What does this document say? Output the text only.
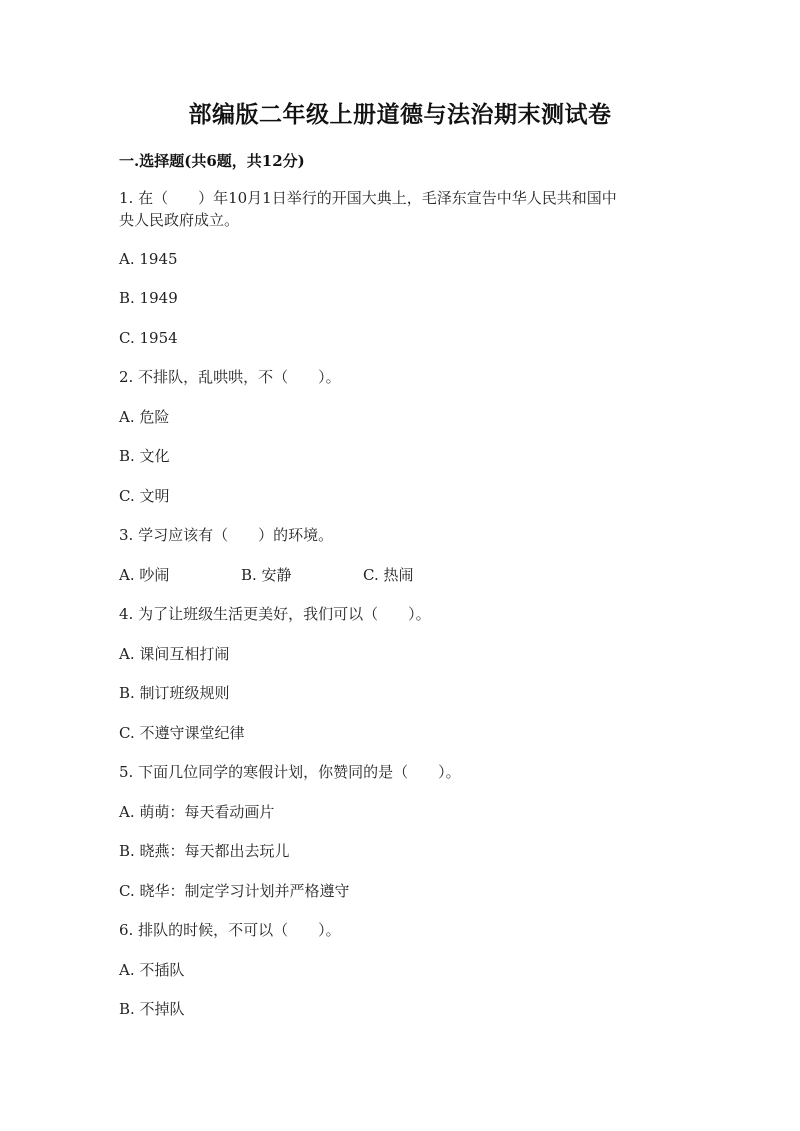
部编版二年级上册道德与法治期末测试卷
一.选择题(共6题，共12分)
1. 在（　　）年10月1日举行的开国大典上，毛泽东宣告中华人民共和国中
央人民政府成立。
A. 1945
B. 1949
C. 1954
2. 不排队，乱哄哄，不（　　）。
A. 危险
B. 文化
C. 文明
3. 学习应该有（　　）的环境。
A. 吵闹	B. 安静	C. 热闹
4. 为了让班级生活更美好，我们可以（　　）。
A. 课间互相打闹
B. 制订班级规则
C. 不遵守课堂纪律
5. 下面几位同学的寒假计划，你赞同的是（　　）。
A. 萌萌：每天看动画片
B. 晓燕：每天都出去玩儿
C. 晓华：制定学习计划并严格遵守
6. 排队的时候，不可以（　　）。
A. 不插队
B. 不掉队
